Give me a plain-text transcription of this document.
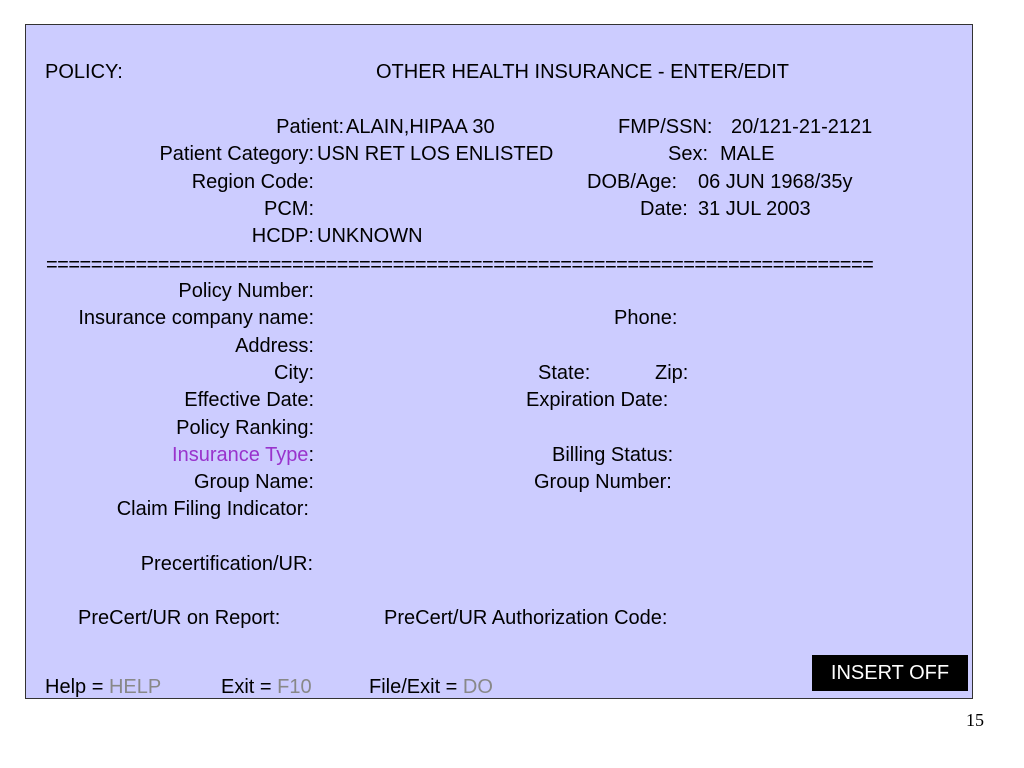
POLICY:	OTHER HEALTH INSURANCE - ENTER/EDIT
Patient: ALAIN,HIPAA 30	FMP/SSN: 20/121-21-2121
Patient Category: USN RET LOS ENLISTED	Sex: MALE
Region Code:	DOB/Age: 06 JUN 1968/35y
PCM:	Date: 31 JUL 2003
HCDP: UNKNOWN
==========================================================================
Policy Number:
Insurance company name:	Phone:
Address:
City:	State:	Zip:
Effective Date:	Expiration Date:
Policy Ranking:
Insurance Type:	Billing Status:
Group Name:	Group Number:
Claim Filing Indicator:
Precertification/UR:
PreCert/UR on Report:	PreCert/UR Authorization Code:
Help = HELP	Exit = F10	File/Exit = DO
INSERT OFF
15
